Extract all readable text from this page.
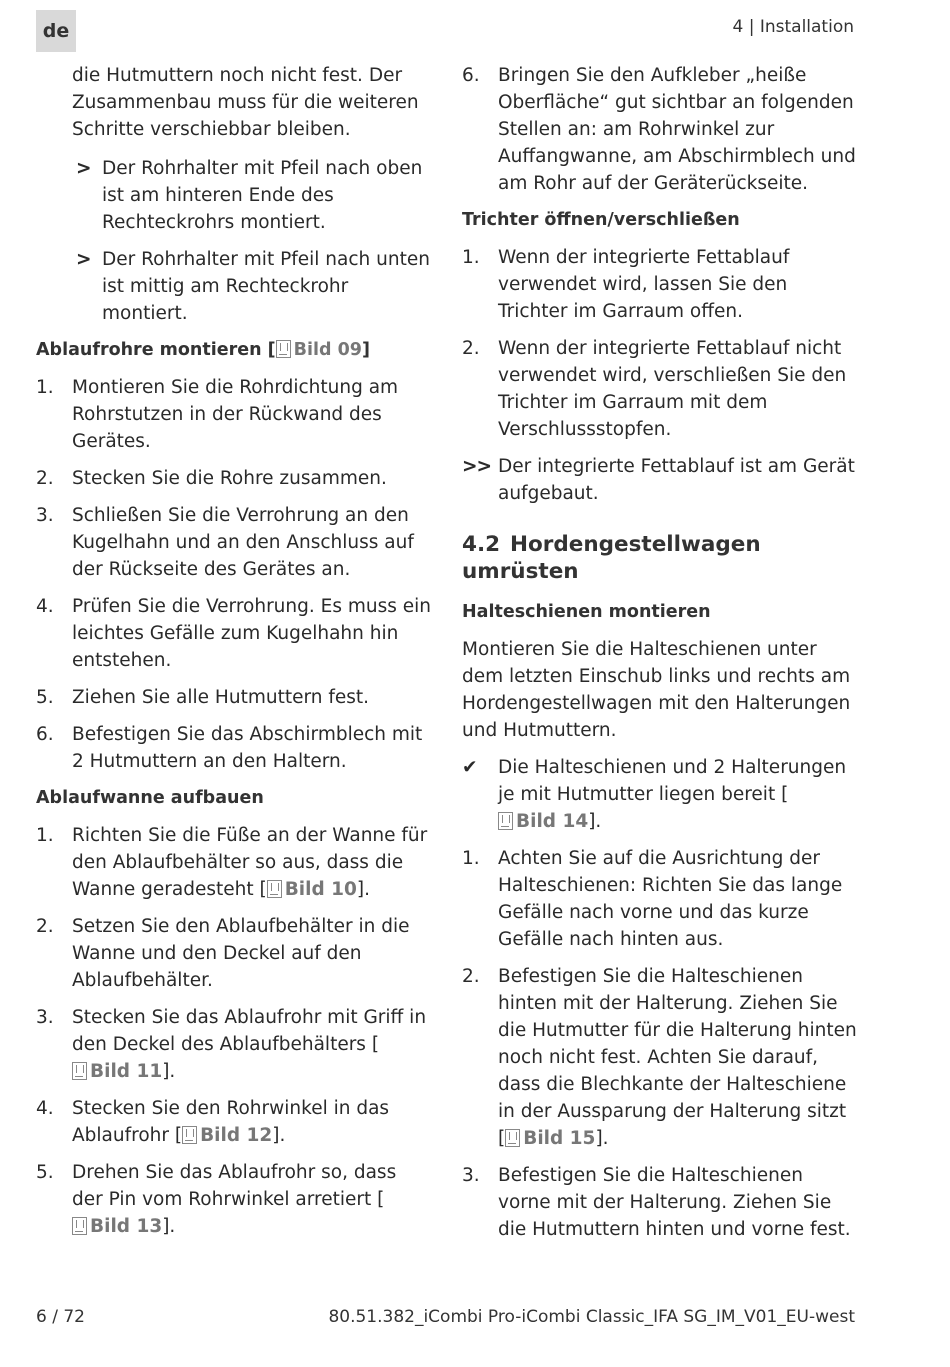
de	4 | Installation

die Hutmuttern noch nicht fest. Der Zusammenbau muss für die weiteren Schritte verschiebbar bleiben.

> Der Rohrhalter mit Pfeil nach oben ist am hinteren Ende des Rechteckrohrs montiert.
> Der Rohrhalter mit Pfeil nach unten ist mittig am Rechteckrohr montiert.
Ablaufrohre montieren [ Bild 09]
1. Montieren Sie die Rohrdichtung am Rohrstutzen in der Rückwand des Gerätes.
2. Stecken Sie die Rohre zusammen.
3. Schließen Sie die Verrohrung an den Kugelhahn und an den Anschluss auf der Rückseite des Gerätes an.
4. Prüfen Sie die Verrohrung. Es muss ein leichtes Gefälle zum Kugelhahn hin entstehen.
5. Ziehen Sie alle Hutmuttern fest.
6. Befestigen Sie das Abschirmblech mit 2 Hutmuttern an den Haltern.
Ablaufwanne aufbauen
1. Richten Sie die Füße an der Wanne für den Ablaufbehälter so aus, dass die Wanne geradesteht [ Bild 10].
2. Setzen Sie den Ablaufbehälter in die Wanne und den Deckel auf den Ablaufbehälter.
3. Stecken Sie das Ablaufrohr mit Griff in den Deckel des Ablaufbehälters [Bild 11].
4. Stecken Sie den Rohrwinkel in das Ablaufrohr [ Bild 12].
5. Drehen Sie das Ablaufrohr so, dass der Pin vom Rohrwinkel arretiert [Bild 13].
6. Bringen Sie den Aufkleber „heiße Oberfläche“ gut sichtbar an folgenden Stellen an: am Rohrwinkel zur Auffangwanne, am Abschirmblech und am Rohr auf der Geräterückseite.
Trichter öffnen/verschließen
1. Wenn der integrierte Fettablauf verwendet wird, lassen Sie den Trichter im Garraum offen.
2. Wenn der integrierte Fettablauf nicht verwendet wird, verschließen Sie den Trichter im Garraum mit dem Verschlussstopfen.
>> Der integrierte Fettablauf ist am Gerät aufgebaut.
4.2 Hordengestellwagen umrüsten
Halteschienen montieren

Montieren Sie die Halteschienen unter dem letzten Einschub links und rechts am Hordengestellwagen mit den Halterungen und Hutmuttern.

✔ Die Halteschienen und 2 Halterungen je mit Hutmutter liegen bereit [Bild 14].
1. Achten Sie auf die Ausrichtung der Halteschienen: Richten Sie das lange Gefälle nach vorne und das kurze Gefälle nach hinten aus.
2. Befestigen Sie die Halteschienen hinten mit der Halterung. Ziehen Sie die Hutmutter für die Halterung hinten noch nicht fest. Achten Sie darauf, dass die Blechkante der Halteschiene in der Aussparung der Halterung sitzt [ Bild 15].
3. Befestigen Sie die Halteschienen vorne mit der Halterung. Ziehen Sie die Hutmuttern hinten und vorne fest.
6 / 72	80.51.382_iCombi Pro-iCombi Classic_IFA SG_IM_V01_EU-west
